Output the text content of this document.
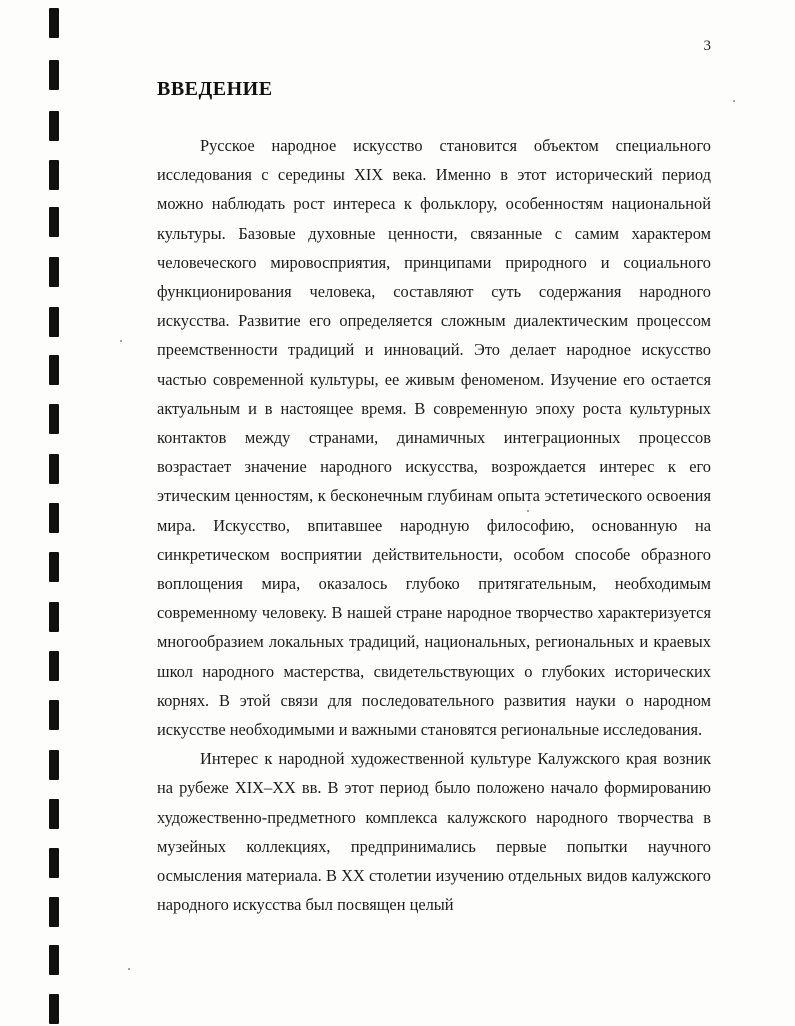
3
ВВЕДЕНИЕ

Русское народное искусство становится объектом специального исследования с середины XIX века. Именно в этот исторический период можно наблюдать рост интереса к фольклору, особенностям национальной культуры. Базовые духовные ценности, связанные с самим характером человеческого мировосприятия, принципами природного и социального функционирования человека, составляют суть содержания народного искусства. Развитие его определяется сложным диалектическим процессом преемственности традиций и инноваций. Это делает народное искусство частью современной культуры, ее живым феноменом. Изучение его остается актуальным и в настоящее время. В современную эпоху роста культурных контактов между странами, динамичных интеграционных процессов возрастает значение народного искусства, возрождается интерес к его этическим ценностям, к бесконечным глубинам опыта эстетического освоения мира. Искусство, впитавшее народную философию, основанную на синкретическом восприятии действительности, особом способе образного воплощения мира, оказалось глубоко притягательным, необходимым современному человеку. В нашей стране народное творчество характеризуется многообразием локальных традиций, национальных, региональных и краевых школ народного мастерства, свидетельствующих о глубоких исторических корнях. В этой связи для последовательного развития науки о народном искусстве необходимыми и важными становятся региональные исследования.

Интерес к народной художественной культуре Калужского края возник на рубеже XIX–XX вв. В этот период было положено начало формированию художественно-предметного комплекса калужского народного творчества в музейных коллекциях, предпринимались первые попытки научного осмысления материала. В XX столетии изучению отдельных видов калужского народного искусства был посвящен целый
